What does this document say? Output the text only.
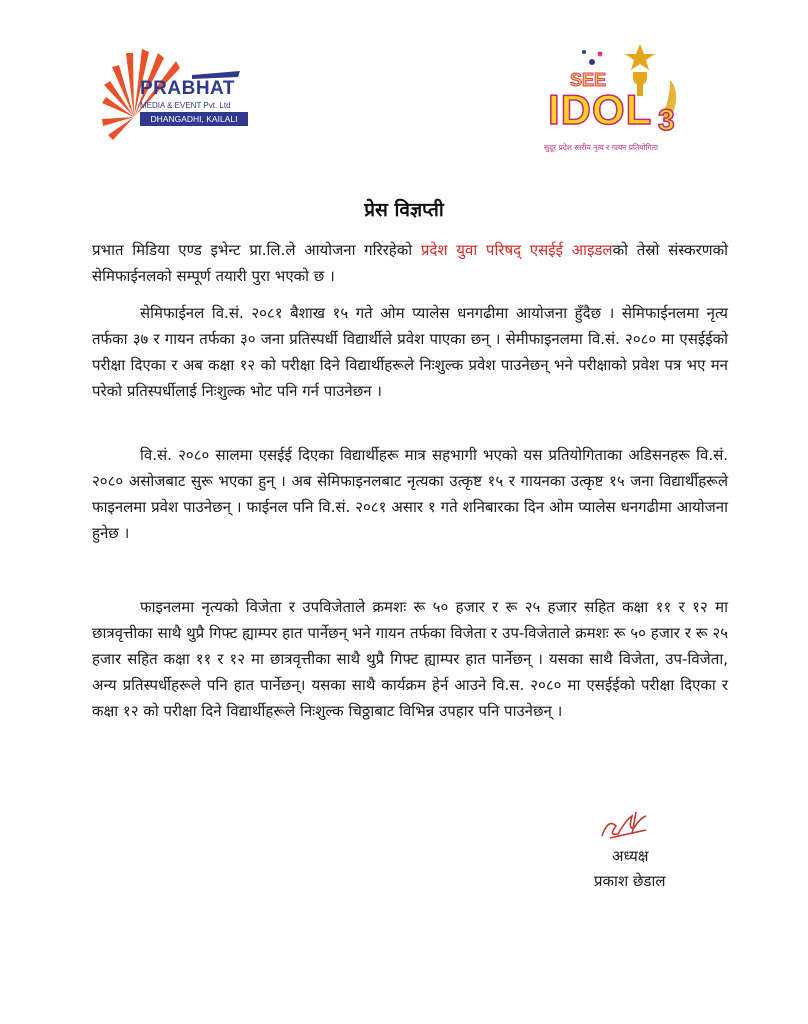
PRABHAT
MEDIA & EVENT Pvt. Ltd
DHANGADHI, KAILALI
SEE
IDOL 3
सुदूर प्रदेश स्तरीय नृत्य र गायन प्रतियोगिता
प्रेस विज्ञप्ती

प्रभात मिडिया एण्ड इभेन्ट प्रा.लि.ले आयोजना गरिरहेको प्रदेश युवा परिषद् एसईई आइडलको तेस्रो संस्करणको सेमिफाईनलको सम्पूर्ण तयारी पुरा भएको छ ।

सेमिफाईनल वि.सं. २०८१ बैशाख १५ गते ओम प्यालेस धनगढीमा आयोजना हुँदैछ । सेमिफाईनलमा नृत्य तर्फका ३७ र गायन तर्फका ३० जना प्रतिस्पर्धी विद्यार्थीले प्रवेश पाएका छन् । सेमीफाइनलमा वि.सं. २०८० मा एसईईको परीक्षा दिएका र अब कक्षा १२ को परीक्षा दिने विद्यार्थीहरूले निःशुल्क प्रवेश पाउनेछन् भने परीक्षाको प्रवेश पत्र भए मन परेको प्रतिस्पर्धीलाई निःशुल्क भोट पनि गर्न पाउनेछन ।

वि.सं. २०८० सालमा एसईई दिएका विद्यार्थीहरू मात्र सहभागी भएको यस प्रतियोगिताका अडिसनहरू वि.सं. २०८० असोजबाट सुरू भएका हुन् । अब सेमिफाइनलबाट नृत्यका उत्कृष्ट १५ र गायनका उत्कृष्ट १५ जना विद्यार्थीहरूले फाइनलमा प्रवेश पाउनेछन् । फाईनल पनि वि.सं. २०८१ असार १ गते शनिबारका दिन ओम प्यालेस धनगढीमा आयोजना हुनेछ ।

फाइनलमा नृत्यको विजेता र उपविजेताले क्रमशः रू ५० हजार र रू २५ हजार सहित कक्षा ११ र १२ मा छात्रवृत्तीका साथै थुप्रै गिफ्ट ह्याम्पर हात पार्नेछन् भने गायन तर्फका विजेता र उप-विजेताले क्रमशः रू ५० हजार र रू २५ हजार सहित कक्षा ११ र १२ मा छात्रवृत्तीका साथै थुप्रै गिफ्ट ह्याम्पर हात पार्नेछन् । यसका साथै विजेता, उप-विजेता, अन्य प्रतिस्पर्धीहरूले पनि हात पार्नेछन्। यसका साथै कार्यक्रम हेर्न आउने वि.स. २०८० मा एसईईको परीक्षा दिएका र कक्षा १२ को परीक्षा दिने विद्यार्थीहरूले निःशुल्क चिठ्ठाबाट विभिन्न उपहार पनि पाउनेछन् ।

अध्यक्ष
प्रकाश छेडाल
